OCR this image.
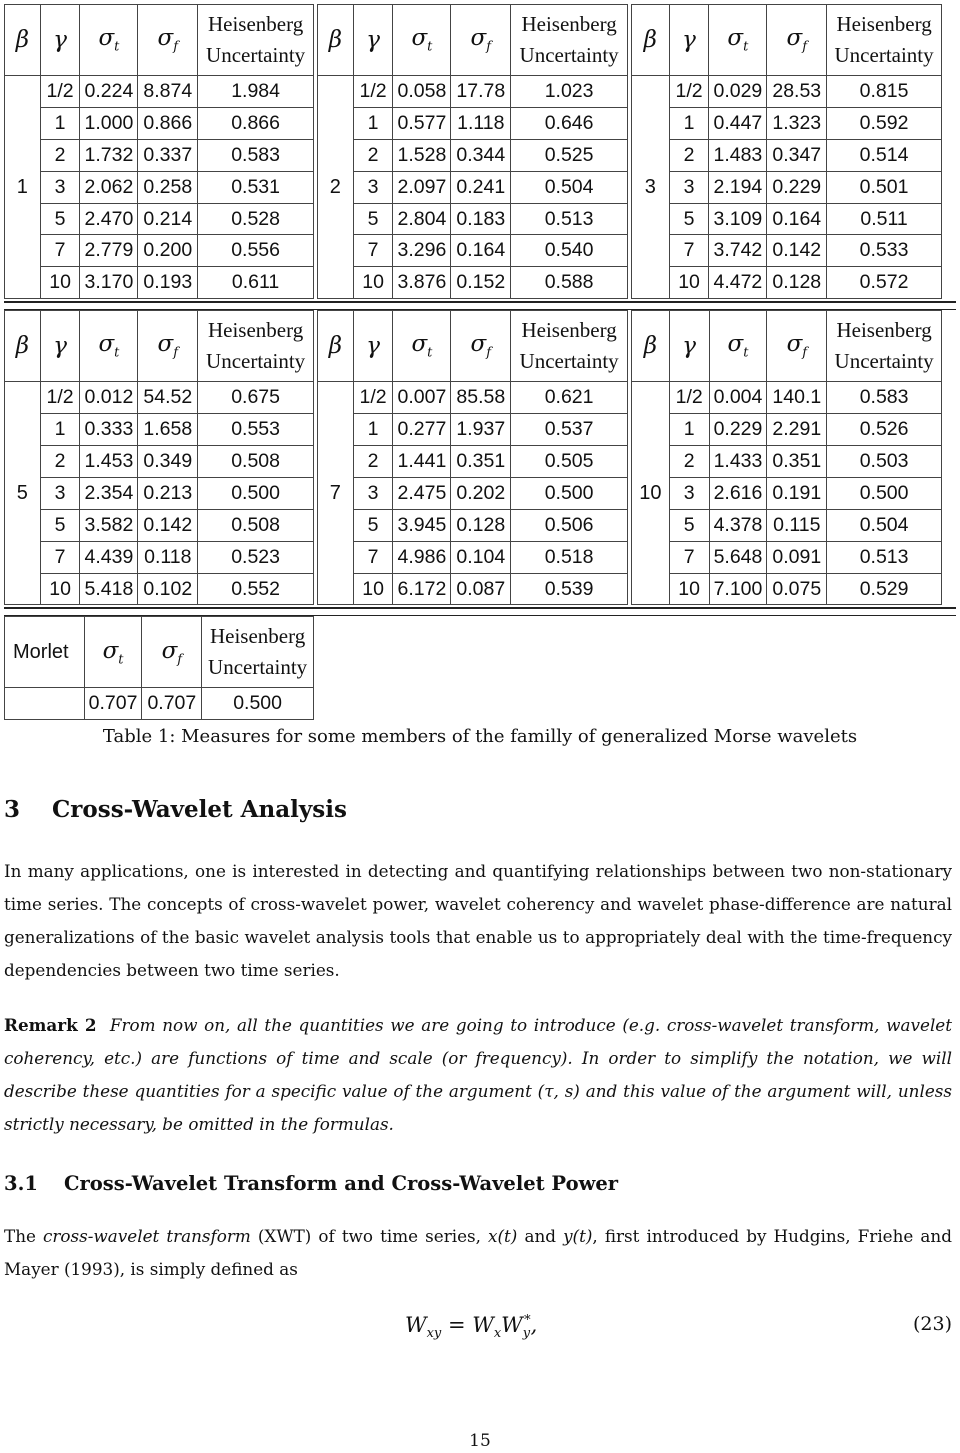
β	γ	$\sigma_t$	$\sigma_f$	Heisenberg
Uncertainty
1	1/2	0.224	8.874	1.984
	1	1.000	0.866	0.866
	2	1.732	0.337	0.583
	3	2.062	0.258	0.531
	5	2.470	0.214	0.528
	7	2.779	0.200	0.556
	10	3.170	0.193	0.611
β	γ	$\sigma_t$	$\sigma_f$	Heisenberg
Uncertainty
2	1/2	0.058	17.78	1.023
	1	0.577	1.118	0.646
	2	1.528	0.344	0.525
	3	2.097	0.241	0.504
	5	2.804	0.183	0.513
	7	3.296	0.164	0.540
	10	3.876	0.152	0.588
β	γ	$\sigma_t$	$\sigma_f$	Heisenberg
Uncertainty
3	1/2	0.029	28.53	0.815
	1	0.447	1.323	0.592
	2	1.483	0.347	0.514
	3	2.194	0.229	0.501
	5	3.109	0.164	0.511
	7	3.742	0.142	0.533
	10	4.472	0.128	0.572
β	γ	$\sigma_t$	$\sigma_f$	Heisenberg
Uncertainty
5	1/2	0.012	54.52	0.675
	1	0.333	1.658	0.553
	2	1.453	0.349	0.508
	3	2.354	0.213	0.500
	5	3.582	0.142	0.508
	7	4.439	0.118	0.523
	10	5.418	0.102	0.552
β	γ	$\sigma_t$	$\sigma_f$	Heisenberg
Uncertainty
7	1/2	0.007	85.58	0.621
	1	0.277	1.937	0.537
	2	1.441	0.351	0.505
	3	2.475	0.202	0.500
	5	3.945	0.128	0.506
	7	4.986	0.104	0.518
	10	6.172	0.087	0.539
β	γ	$\sigma_t$	$\sigma_f$	Heisenberg
Uncertainty
10	1/2	0.004	140.1	0.583
	1	0.229	2.291	0.526
	2	1.433	0.351	0.503
	3	2.616	0.191	0.500
	5	4.378	0.115	0.504
	7	5.648	0.091	0.513
	10	7.100	0.075	0.529
Morlet	$\sigma_t$	$\sigma_f$	Heisenberg
Uncertainty
	0.707	0.707	0.500
Table 1: Measures for some members of the familly of generalized Morse wavelets
3 Cross-Wavelet Analysis
In many applications, one is interested in detecting and quantifying relationships between two non-stationary time series. The concepts of cross-wavelet power, wavelet coherency and wavelet phase-difference are natural generalizations of the basic wavelet analysis tools that enable us to appropriately deal with the time-frequency dependencies between two time series.
Remark 2 From now on, all the quantities we are going to introduce (e.g. cross-wavelet transform, wavelet coherency, etc.) are functions of time and scale (or frequency). In order to simplify the notation, we will describe these quantities for a specific value of the argument (τ, s) and this value of the argument will, unless strictly necessary, be omitted in the formulas.
3.1 Cross-Wavelet Transform and Cross-Wavelet Power
The cross-wavelet transform (XWT) of two time series, x(t) and y(t), first introduced by Hudgins, Friehe and Mayer (1993), is simply defined as
$W_{xy} = W_xW_y^*$,	(23)
15
